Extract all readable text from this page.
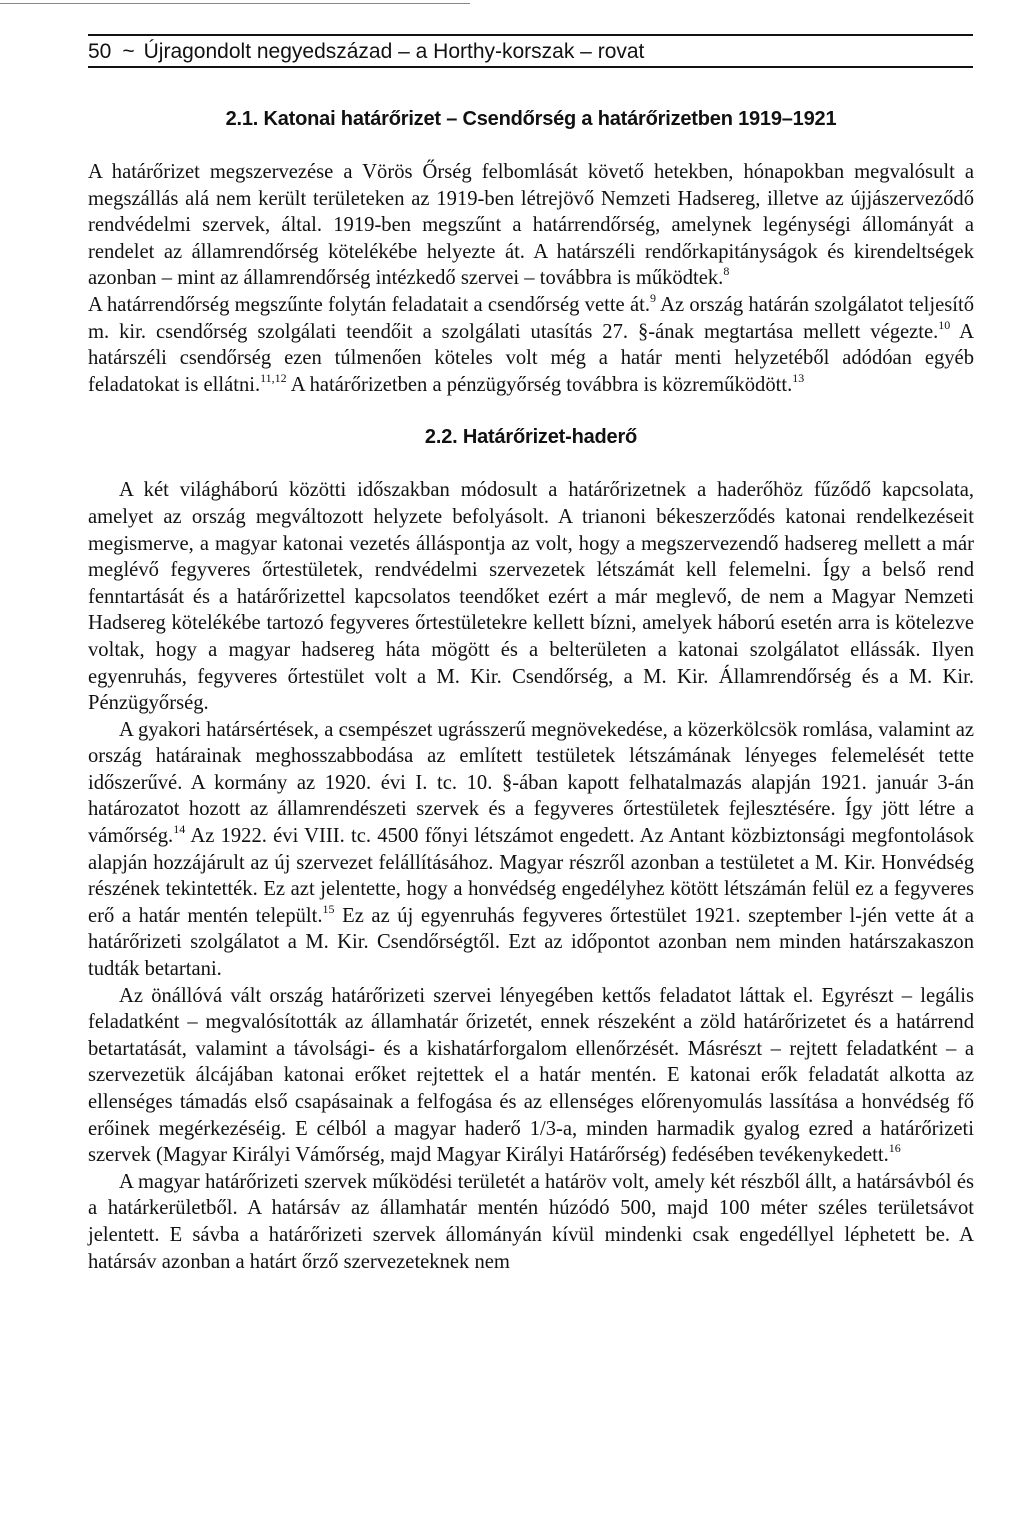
50 ~ Újragondolt negyedszázad – a Horthy-korszak – rovat
2.1. Katonai határőrizet – Csendőrség a határőrizetben 1919–1921

A határőrizet megszervezése a Vörös Őrség felbomlását követő hetekben, hónapokban megvalósult a megszállás alá nem került területeken az 1919-ben létrejövő Nemzeti Hadsereg, illetve az újjászerveződő rendvédelmi szervek, által. 1919-ben megszűnt a határrendőrség, amelynek legénységi állományát a rendelet az államrendőrség kötelékébe helyezte át. A határszéli rendőrkapitányságok és kirendeltségek azonban – mint az államrendőrség intézkedő szervei – továbbra is működtek.$^8$

A határrendőrség megszűnte folytán feladatait a csendőrség vette át.$^9$ Az ország határán szolgálatot teljesítő m. kir. csendőrség szolgálati teendőit a szolgálati utasítás 27. §-ának megtartása mellett végezte.$^{10}$ A határszéli csendőrség ezen túlmenően köteles volt még a határ menti helyzetéből adódóan egyéb feladatokat is ellátni.$^{11,12}$ A határőrizetben a pénzügyőrség továbbra is közreműködött.$^{13}$

2.2. Határőrizet-haderő

A két világháború közötti időszakban módosult a határőrizetnek a haderőhöz fűződő kapcsolata, amelyet az ország megváltozott helyzete befolyásolt. A trianoni békeszerződés katonai rendelkezéseit megismerve, a magyar katonai vezetés álláspontja az volt, hogy a megszervezendő hadsereg mellett a már meglévő fegyveres őrtestületek, rendvédelmi szervezetek létszámát kell felemelni. Így a belső rend fenntartását és a határőrizettel kapcsolatos teendőket ezért a már meglevő, de nem a Magyar Nemzeti Hadsereg kötelékébe tartozó fegyveres őrtestületekre kellett bízni, amelyek háború esetén arra is kötelezve voltak, hogy a magyar hadsereg háta mögött és a belterületen a katonai szolgálatot ellássák. Ilyen egyenruhás, fegyveres őrtestület volt a M. Kir. Csendőrség, a M. Kir. Államrendőrség és a M. Kir. Pénzügyőrség.

A gyakori határsértések, a csempészet ugrásszerű megnövekedése, a közerkölcsök romlása, valamint az ország határainak meghosszabbodása az említett testületek létszámának lényeges felemelését tette időszerűvé. A kormány az 1920. évi I. tc. 10. §-ában kapott felhatalmazás alapján 1921. január 3-án határozatot hozott az államrendészeti szervek és a fegyveres őrtestületek fejlesztésére. Így jött létre a vámőrség.$^{14}$ Az 1922. évi VIII. tc. 4500 főnyi létszámot engedett. Az Antant közbiztonsági megfontolások alapján hozzájárult az új szervezet felállításához. Magyar részről azonban a testületet a M. Kir. Honvédség részének tekintették. Ez azt jelentette, hogy a honvédség engedélyhez kötött létszámán felül ez a fegyveres erő a határ mentén települt.$^{15}$ Ez az új egyenruhás fegyveres őrtestület 1921. szeptember l-jén vette át a határőrizeti szolgálatot a M. Kir. Csendőrségtől. Ezt az időpontot azonban nem minden határszakaszon tudták betartani.

Az önállóvá vált ország határőrizeti szervei lényegében kettős feladatot láttak el. Egyrészt – legális feladatként – megvalósították az államhatár őrizetét, ennek részeként a zöld határőrizetet és a határrend betartatását, valamint a távolsági- és a kishatárforgalom ellenőrzését. Másrészt – rejtett feladatként – a szervezetük álcájában katonai erőket rejtettek el a határ mentén. E katonai erők feladatát alkotta az ellenséges támadás első csapásainak a felfogása és az ellenséges előrenyomulás lassítása a honvédség fő erőinek megérkezéséig. E célból a magyar haderő 1/3-a, minden harmadik gyalog ezred a határőrizeti szervek (Magyar Királyi Vámőrség, majd Magyar Királyi Határőrség) fedésében tevékenykedett.$^{16}$

A magyar határőrizeti szervek működési területét a határöv volt, amely két részből állt, a határsávból és a határkerületből. A határsáv az államhatár mentén húzódó 500, majd 100 méter széles területsávot jelentett. E sávba a határőrizeti szervek állományán kívül mindenki csak engedéllyel léphetett be. A határsáv azonban a határt őrző szervezeteknek nem
